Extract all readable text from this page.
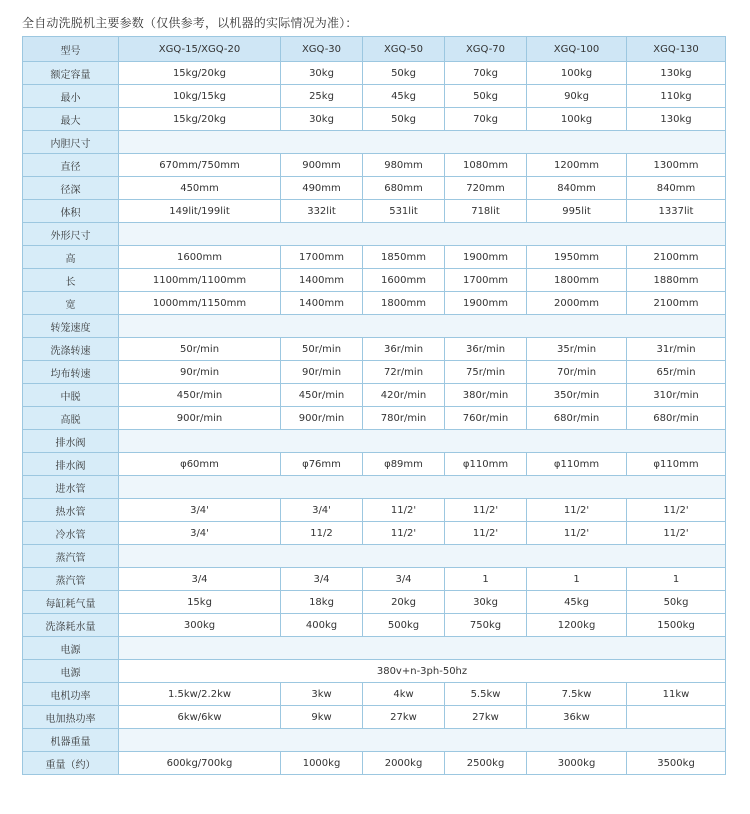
全自动洗脱机主要参数（仅供参考，以机器的实际情况为准）：
型号	XGQ-15/XGQ-20	XGQ-30	XGQ-50	XGQ-70	XGQ-100	XGQ-130
额定容量	15kg/20kg	30kg	50kg	70kg	100kg	130kg
最小	10kg/15kg	25kg	45kg	50kg	90kg	110kg
最大	15kg/20kg	30kg	50kg	70kg	100kg	130kg
内胆尺寸						
直径	670mm/750mm	900mm	980mm	1080mm	1200mm	1300mm
径深	450mm	490mm	680mm	720mm	840mm	840mm
体积	149lit/199lit	332lit	531lit	718lit	995lit	1337lit
外形尺寸						
高	1600mm	1700mm	1850mm	1900mm	1950mm	2100mm
长	1100mm/1100mm	1400mm	1600mm	1700mm	1800mm	1880mm
宽	1000mm/1150mm	1400mm	1800mm	1900mm	2000mm	2100mm
转笼速度						
洗涤转速	50r/min	50r/min	36r/min	36r/min	35r/min	31r/min
均布转速	90r/min	90r/min	72r/min	75r/min	70r/min	65r/min
中脱	450r/min	450r/min	420r/min	380r/min	350r/min	310r/min
高脱	900r/min	900r/min	780r/min	760r/min	680r/min	680r/min
排水阀						
排水阀	φ60mm	φ76mm	φ89mm	φ110mm	φ110mm	φ110mm
进水管						
热水管	3/4'	3/4'	11/2'	11/2'	11/2'	11/2'
冷水管	3/4'	11/2	11/2'	11/2'	11/2'	11/2'
蒸汽管						
蒸汽管	3/4	3/4	3/4	1	1	1
每缸耗气量	15kg	18kg	20kg	30kg	45kg	50kg
洗涤耗水量	300kg	400kg	500kg	750kg	1200kg	1500kg
电源						
电源	380v+n-3ph-50hz					
电机功率	1.5kw/2.2kw	3kw	4kw	5.5kw	7.5kw	11kw
电加热功率	6kw/6kw	9kw	27kw	27kw	36kw	
机器重量						
重量（约）	600kg/700kg	1000kg	2000kg	2500kg	3000kg	3500kg
